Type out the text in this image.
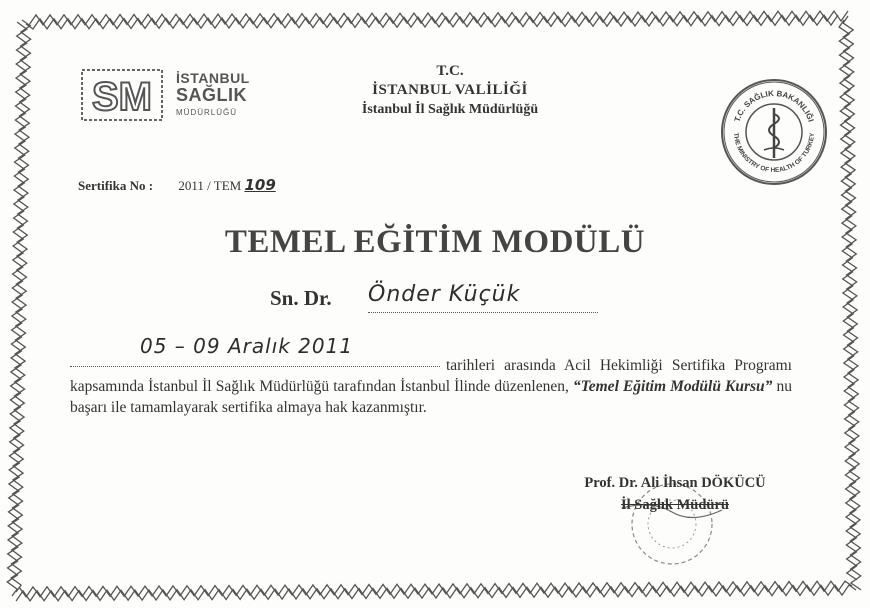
SM İSTANBUL
SAĞLIK
MÜDÜRLÜĞÜ
T.C.
İSTANBUL VALİLİĞİ
İstanbul İl Sağlık Müdürlüğü
T.C. SAĞLIK BAKANLIĞI
THE MINISTRY OF HEALTH OF TURKEY
Sertifika No : 2011 / TEM 109
TEMEL EĞİTİM MODÜLÜ
Sn. Dr. Önder Küçük
05 – 09 Aralık 2011
tarihleri arasında Acil Hekimliği Sertifika Programı kapsamında İstanbul İl Sağlık Müdürlüğü tarafından İstanbul İlinde düzenlenen, “Temel Eğitim Modülü Kursu” nu başarı ile tamamlayarak sertifika almaya hak kazanmıştır.
Prof. Dr. Ali İhsan DÖKÜCÜ
İl Sağlık Müdürü
